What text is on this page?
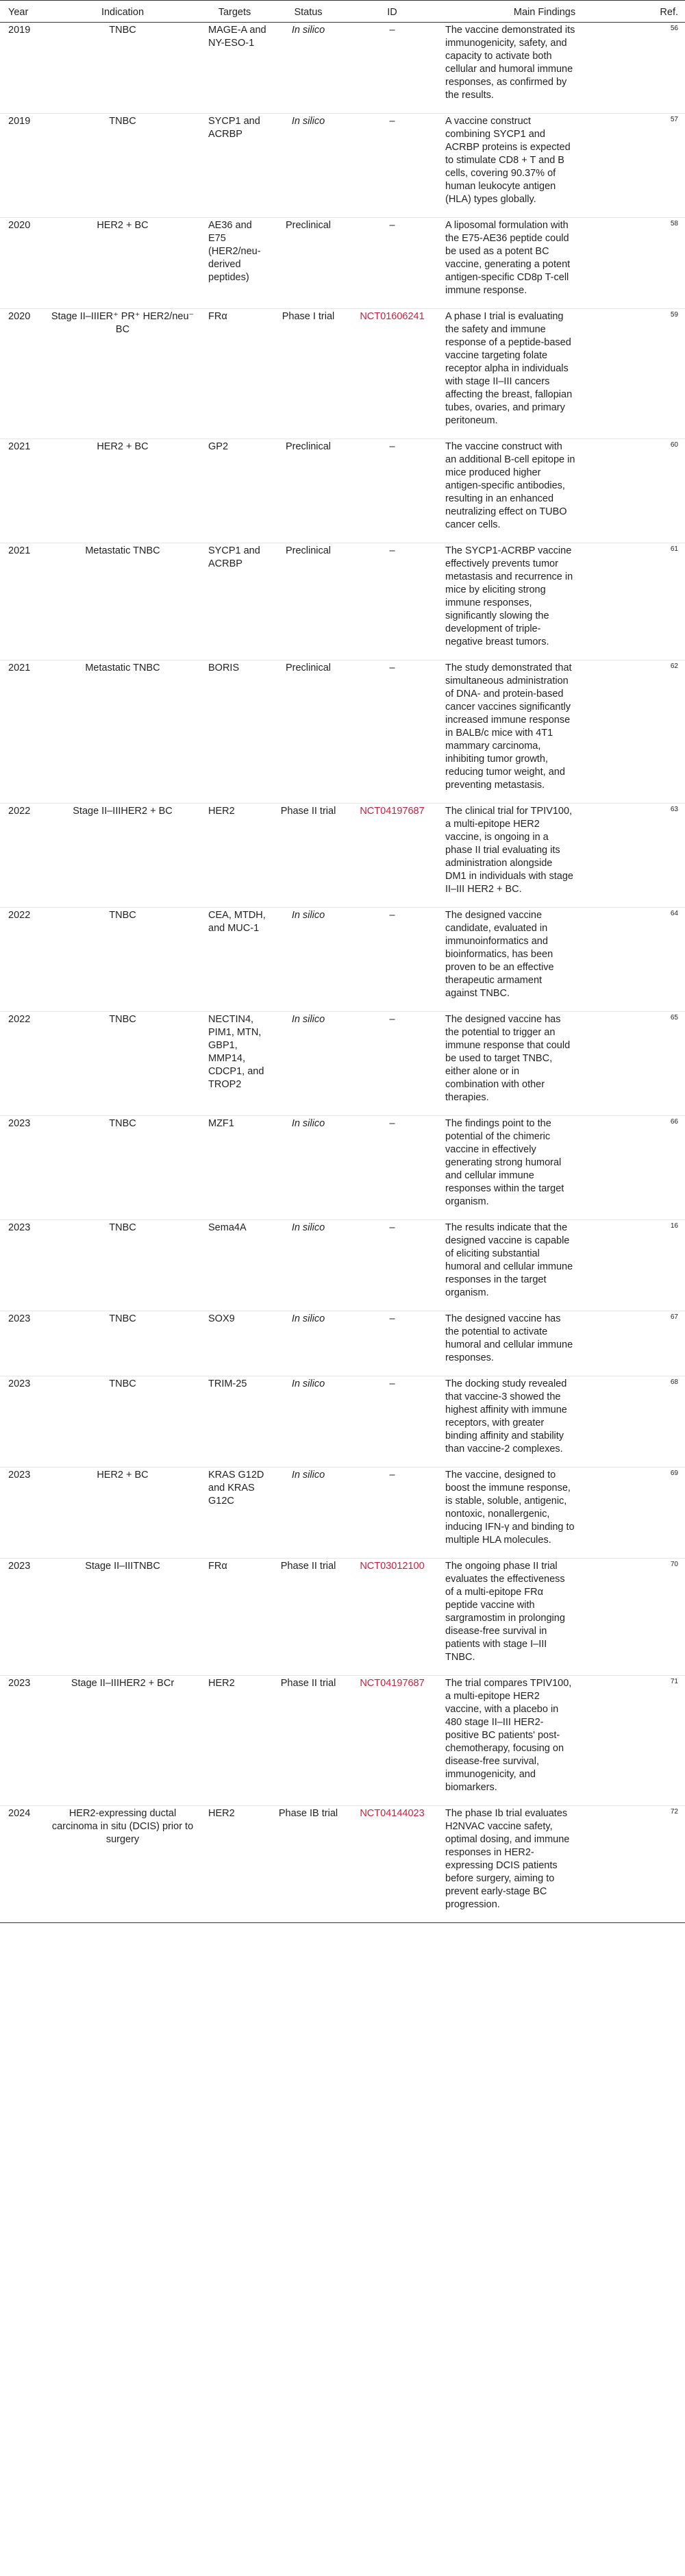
Year	Indication	Targets	Status	ID	Main Findings	Ref.
2019	TNBC	MAGE-A and NY-ESO-1	In silico	–	The vaccine demonstrated its immunogenicity, safety, and capacity to activate both cellular and humoral immune responses, as confirmed by the results.	56
2019	TNBC	SYCP1 and ACRBP	In silico	–	A vaccine construct combining SYCP1 and ACRBP proteins is expected to stimulate CD8 + T and B cells, covering 90.37% of human leukocyte antigen (HLA) types globally.	57
2020	HER2 + BC	AE36 and E75 (HER2/neu-derived peptides)	Preclinical	–	A liposomal formulation with the E75-AE36 peptide could be used as a potent BC vaccine, generating a potent antigen-specific CD8p T-cell immune response.	58
2020	Stage II–IIIER⁺ PR⁺ HER2/neu⁻ BC	FRα	Phase I trial	NCT01606241	A phase I trial is evaluating the safety and immune response of a peptide-based vaccine targeting folate receptor alpha in individuals with stage II–III cancers affecting the breast, fallopian tubes, ovaries, and primary peritoneum.	59
2021	HER2 + BC	GP2	Preclinical	–	The vaccine construct with an additional B-cell epitope in mice produced higher antigen-specific antibodies, resulting in an enhanced neutralizing effect on TUBO cancer cells.	60
2021	Metastatic TNBC	SYCP1 and ACRBP	Preclinical	–	The SYCP1-ACRBP vaccine effectively prevents tumor metastasis and recurrence in mice by eliciting strong immune responses, significantly slowing the development of triple-negative breast tumors.	61
2021	Metastatic TNBC	BORIS	Preclinical	–	The study demonstrated that simultaneous administration of DNA- and protein-based cancer vaccines significantly increased immune response in BALB/c mice with 4T1 mammary carcinoma, inhibiting tumor growth, reducing tumor weight, and preventing metastasis.	62
2022	Stage II–IIIHER2 + BC	HER2	Phase II trial	NCT04197687	The clinical trial for TPIV100, a multi-epitope HER2 vaccine, is ongoing in a phase II trial evaluating its administration alongside DM1 in individuals with stage II–III HER2 + BC.	63
2022	TNBC	CEA, MTDH, and MUC-1	In silico	–	The designed vaccine candidate, evaluated in immunoinformatics and bioinformatics, has been proven to be an effective therapeutic armament against TNBC.	64
2022	TNBC	NECTIN4, PIM1, MTN, GBP1, MMP14, CDCP1, and TROP2	In silico	–	The designed vaccine has the potential to trigger an immune response that could be used to target TNBC, either alone or in combination with other therapies.	65
2023	TNBC	MZF1	In silico	–	The findings point to the potential of the chimeric vaccine in effectively generating strong humoral and cellular immune responses within the target organism.	66
2023	TNBC	Sema4A	In silico	–	The results indicate that the designed vaccine is capable of eliciting substantial humoral and cellular immune responses in the target organism.	16
2023	TNBC	SOX9	In silico	–	The designed vaccine has the potential to activate humoral and cellular immune responses.	67
2023	TNBC	TRIM-25	In silico	–	The docking study revealed that vaccine-3 showed the highest affinity with immune receptors, with greater binding affinity and stability than vaccine-2 complexes.	68
2023	HER2 + BC	KRAS G12D and KRAS G12C	In silico	–	The vaccine, designed to boost the immune response, is stable, soluble, antigenic, nontoxic, nonallergenic, inducing IFN-γ and binding to multiple HLA molecules.	69
2023	Stage II–IIITNBC	FRα	Phase II trial	NCT03012100	The ongoing phase II trial evaluates the effectiveness of a multi-epitope FRα peptide vaccine with sargramostim in prolonging disease-free survival in patients with stage I–III TNBC.	70
2023	Stage II–IIIHER2 + BCr	HER2	Phase II trial	NCT04197687	The trial compares TPIV100, a multi-epitope HER2 vaccine, with a placebo in 480 stage II–III HER2-positive BC patients' post-chemotherapy, focusing on disease-free survival, immunogenicity, and biomarkers.	71
2024	HER2-expressing ductal carcinoma in situ (DCIS) prior to surgery	HER2	Phase IB trial	NCT04144023	The phase Ib trial evaluates H2NVAC vaccine safety, optimal dosing, and immune responses in HER2-expressing DCIS patients before surgery, aiming to prevent early-stage BC progression.	72
